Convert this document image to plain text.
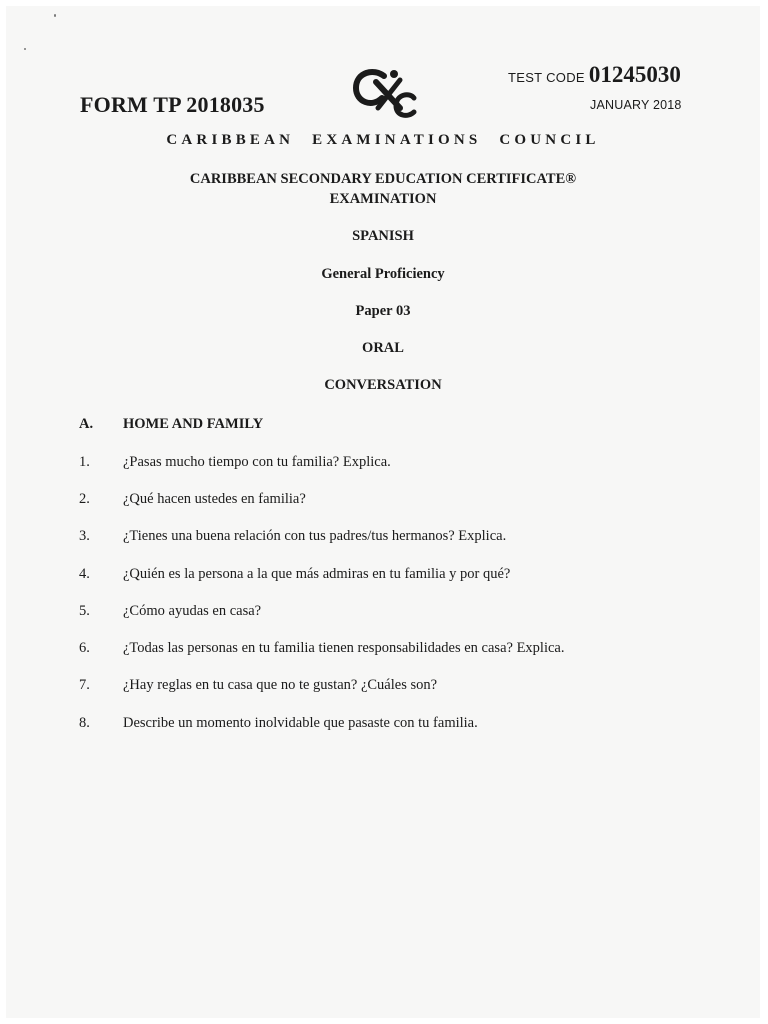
FORM TP 2018035
TEST CODE 01245030
JANUARY 2018
CARIBBEAN EXAMINATIONS COUNCIL
CARIBBEAN SECONDARY EDUCATION CERTIFICATE®
EXAMINATION
SPANISH
General Proficiency
Paper 03
ORAL
CONVERSATION
A. HOME AND FAMILY
1. ¿Pasas mucho tiempo con tu familia? Explica.
2. ¿Qué hacen ustedes en familia?
3. ¿Tienes una buena relación con tus padres/tus hermanos? Explica.
4. ¿Quién es la persona a la que más admiras en tu familia y por qué?
5. ¿Cómo ayudas en casa?
6. ¿Todas las personas en tu familia tienen responsabilidades en casa? Explica.
7. ¿Hay reglas en tu casa que no te gustan? ¿Cuáles son?
8. Describe un momento inolvidable que pasaste con tu familia.
